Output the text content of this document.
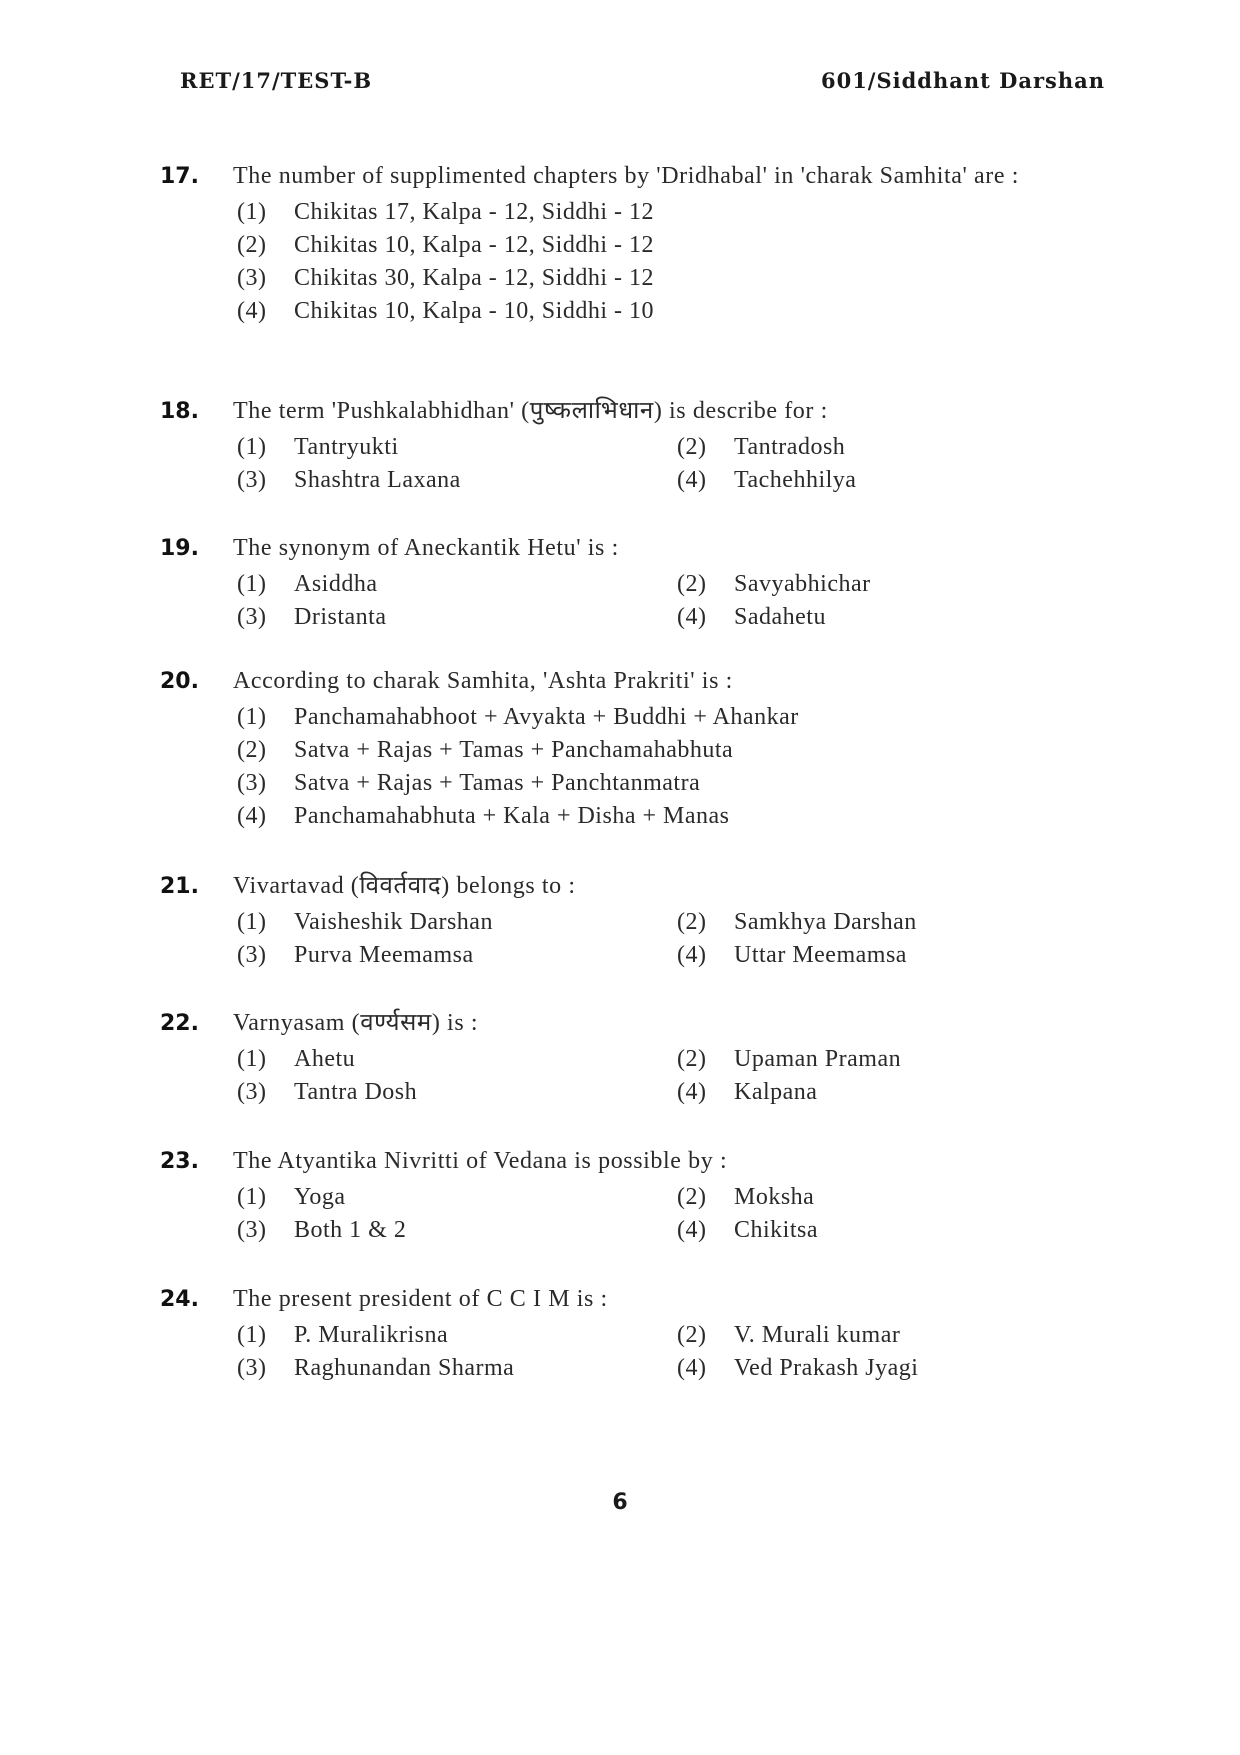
RET/17/TEST-B	601/Siddhant Darshan
17.	The number of supplimented chapters by 'Dridhabal' in 'charak Samhita' are :
(1)	Chikitas 17, Kalpa - 12, Siddhi - 12
(2)	Chikitas 10, Kalpa - 12, Siddhi - 12
(3)	Chikitas 30, Kalpa - 12, Siddhi - 12
(4)	Chikitas 10, Kalpa - 10, Siddhi - 10
18.	The term 'Pushkalabhidhan' (पुष्कलाभिधान) is describe for :
(1)	Tantryukti	(2)	Tantradosh
(3)	Shashtra Laxana	(4)	Tachehhilya
19.	The synonym of Aneckantik Hetu' is :
(1)	Asiddha	(2)	Savyabhichar
(3)	Dristanta	(4)	Sadahetu
20.	According to charak Samhita, 'Ashta Prakriti' is :
(1)	Panchamahabhoot + Avyakta + Buddhi + Ahankar
(2)	Satva + Rajas + Tamas + Panchamahabhuta
(3)	Satva + Rajas + Tamas + Panchtanmatra
(4)	Panchamahabhuta + Kala + Disha + Manas
21.	Vivartavad (विवर्तवाद) belongs to :
(1)	Vaisheshik Darshan	(2)	Samkhya Darshan
(3)	Purva Meemamsa	(4)	Uttar Meemamsa
22.	Varnyasam (वर्ण्यसम) is :
(1)	Ahetu	(2)	Upaman Praman
(3)	Tantra Dosh	(4)	Kalpana
23.	The Atyantika Nivritti of Vedana is possible by :
(1)	Yoga	(2)	Moksha
(3)	Both 1 & 2	(4)	Chikitsa
24.	The present president of C C I M is :
(1)	P. Muralikrisna	(2)	V. Murali kumar
(3)	Raghunandan Sharma	(4)	Ved Prakash Jyagi
6
